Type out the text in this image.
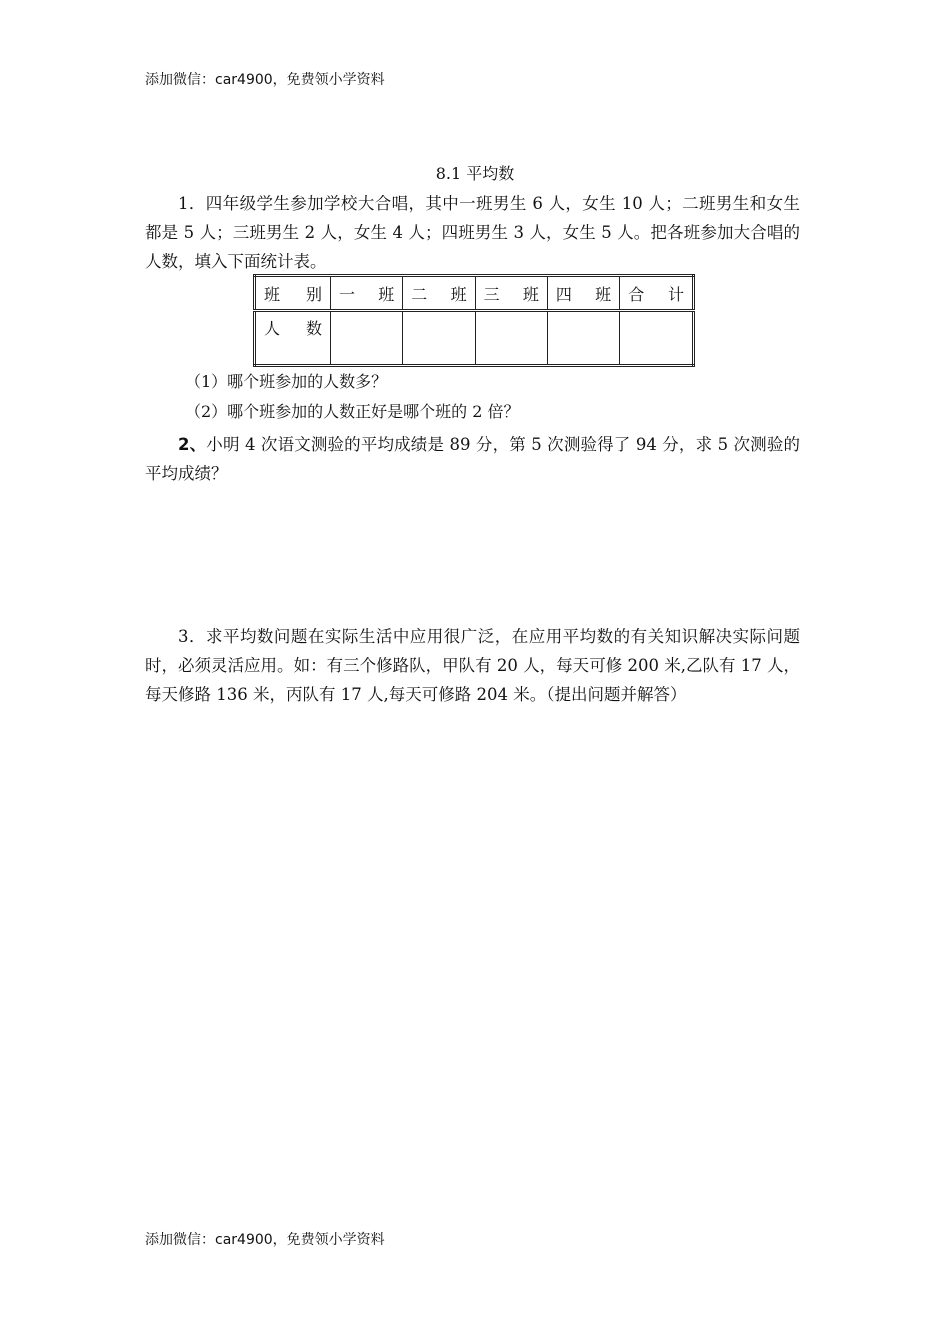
添加微信：car4900，免费领小学资料
8.1 平均数
1．四年级学生参加学校大合唱，其中一班男生 6 人，女生 10 人；二班男生和女生都是 5 人；三班男生 2 人，女生 4 人；四班男生 3 人，女生 5 人。把各班参加大合唱的人数，填入下面统计表。
班 别	一 班	二 班	三 班	四 班	合 计

人 数					

（1）哪个班参加的人数多？
（2）哪个班参加的人数正好是哪个班的 2 倍？
2、小明 4 次语文测验的平均成绩是 89 分，第 5 次测验得了 94 分，求 5 次测验的平均成绩？
3．求平均数问题在实际生活中应用很广泛，在应用平均数的有关知识解决实际问题时，必须灵活应用。如：有三个修路队，甲队有 20 人，每天可修 200 米,乙队有 17 人，每天修路 136 米，丙队有 17 人,每天可修路 204 米。（提出问题并解答）
添加微信：car4900，免费领小学资料
